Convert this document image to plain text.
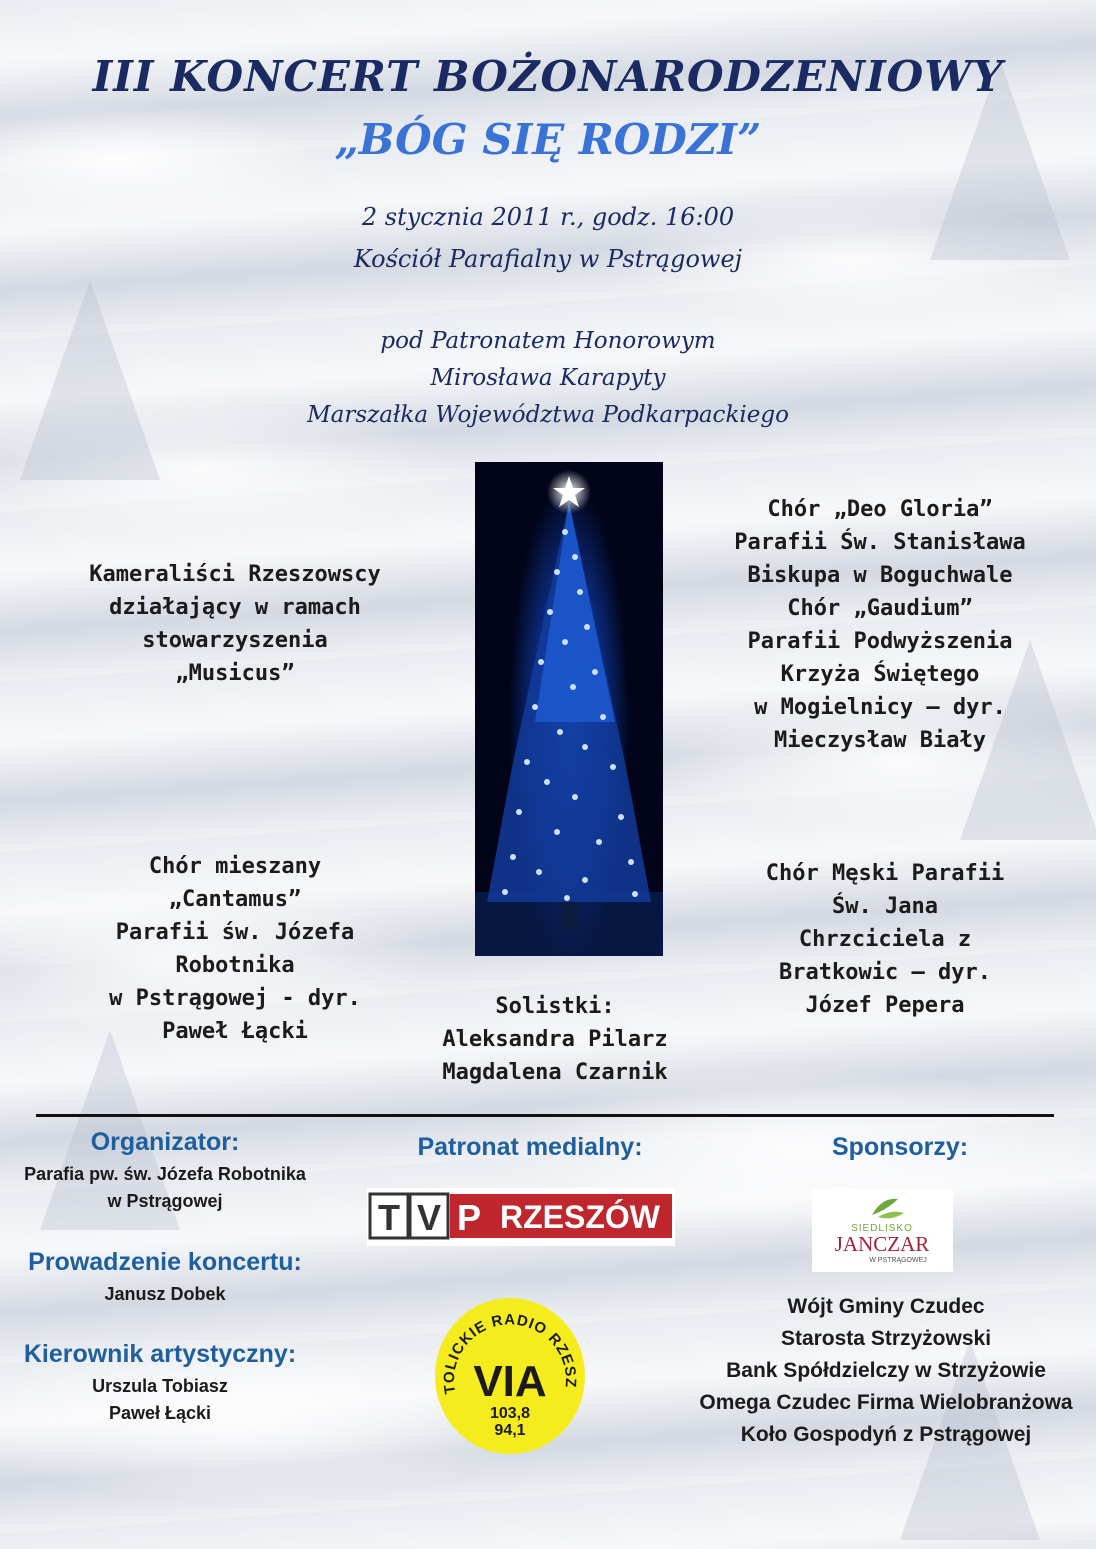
III KONCERT BOŻONARODZENIOWY
„BÓG SIĘ RODZI”
2 stycznia 2011 r., godz. 16:00
Kościół Parafialny w Pstrągowej
pod Patronatem Honorowym
Mirosława Karapyty
Marszałka Województwa Podkarpackiego
Kameraliści Rzeszowscy
działający w ramach
stowarzyszenia
„Musicus”
Chór mieszany
„Cantamus”
Parafii św. Józefa
Robotnika
w Pstrągowej - dyr.
Paweł Łącki
Chór „Deo Gloria”
Parafii Św. Stanisława
Biskupa w Boguchwale
Chór „Gaudium”
Parafii Podwyższenia
Krzyża Świętego
w Mogielnicy – dyr.
Mieczysław Biały
Chór Męski Parafii
Św. Jana
Chrzciciela z
Bratkowic – dyr.
Józef Pepera
Solistki:
Aleksandra Pilarz
Magdalena Czarnik
Organizator:
Parafia pw. św. Józefa Robotnika
w Pstrągowej
Prowadzenie koncertu:
Janusz Dobek
Kierownik artystyczny:
Urszula Tobiasz
Paweł Łącki
Patronat medialny:
T V P RZESZÓW
TOLICKIE RADIO RZESZ
VIA
103,8
94,1
Sponsorzy:
SIEDLISKO
JANCZAR
W PSTRĄGOWEJ
Wójt Gminy Czudec
Starosta Strzyżowski
Bank Spółdzielczy w Strzyżowie
Omega Czudec Firma Wielobranżowa
Koło Gospodyń z Pstrągowej
